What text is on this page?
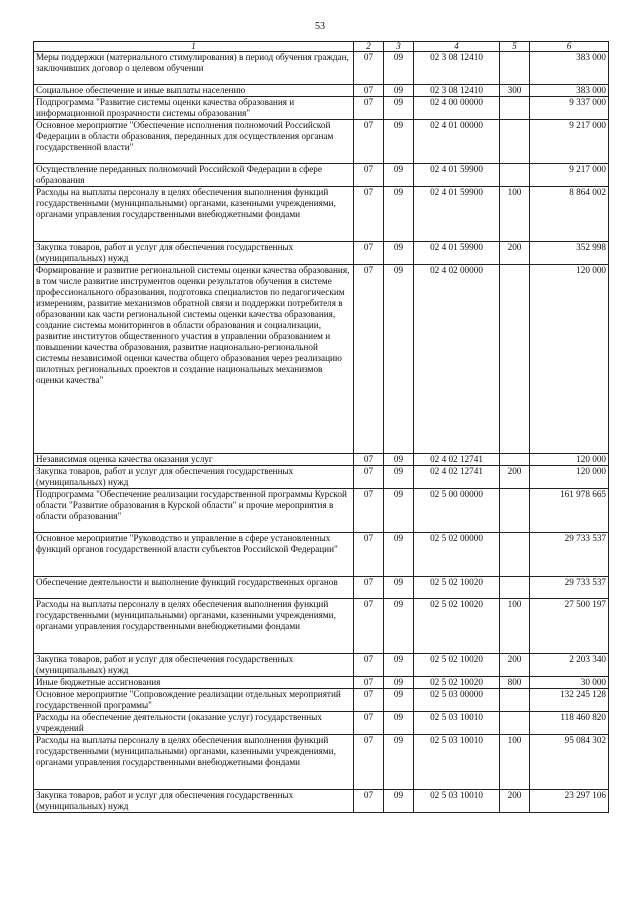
53
1	2	3	4	5	6
Меры поддержки (материального стимулирования) в период обучения граждан, заключивших договор о целевом обучении	07	09	02 3 08 12410		383 000
Социальное обеспечение и иные выплаты населению	07	09	02 3 08 12410	300	383 000
Подпрограмма "Развитие системы оценки качества образования и информационной прозрачности системы образования"	07	09	02 4 00 00000		9 337 000
Основное мероприятие "Обеспечение исполнения полномочий Российской Федерации в области образования, переданных для осуществления органам государственной власти"	07	09	02 4 01 00000		9 217 000
Осуществление переданных полномочий Российской Федерации в сфере образования	07	09	02 4 01 59900		9 217 000
Расходы на выплаты персоналу в целях обеспечения выполнения функций государственными (муниципальными) органами, казенными учреждениями, органами управления государственными внебюджетными фондами	07	09	02 4 01 59900	100	8 864 002
Закупка товаров, работ и услуг для обеспечения государственных (муниципальных) нужд	07	09	02 4 01 59900	200	352 998
Формирование и развитие региональной системы оценки качества образования, в том числе развитие инструментов оценки результатов обучения в системе профессионального образования, подготовка специалистов по педагогическим измерениям, развитие механизмов обратной связи и поддержки потребителя в образовании как части региональной системы оценки качества образования, создание системы мониторингов в области образования и социализации, развитие институтов общественного участия в управлении образованием и повышении качества образования, развитие национально-региональной системы независимой оценки качества общего образования через реализацию пилотных региональных проектов и создание национальных механизмов оценки качества"	07	09	02 4 02 00000		120 000
Независимая оценка качества оказания услуг	07	09	02 4 02 12741		120 000
Закупка товаров, работ и услуг для обеспечения государственных (муниципальных) нужд	07	09	02 4 02 12741	200	120 000
Подпрограмма "Обеспечение реализации государственной программы Курской области "Развитие образования в Курской области" и прочие мероприятия в области образования"	07	09	02 5 00 00000		161 978 665
Основное мероприятие "Руководство и управление в сфере установленных функций органов государственной власти субъектов Российской Федерации"	07	09	02 5 02 00000		29 733 537
Обеспечение деятельности и выполнение функций государственных органов	07	09	02 5 02 10020		29 733 537
Расходы на выплаты персоналу в целях обеспечения выполнения функций государственными (муниципальными) органами, казенными учреждениями, органами управления государственными внебюджетными фондами	07	09	02 5 02 10020	100	27 500 197
Закупка товаров, работ и услуг для обеспечения государственных (муниципальных) нужд	07	09	02 5 02 10020	200	2 203 340
Иные бюджетные ассигнования	07	09	02 5 02 10020	800	30 000
Основное мероприятие "Сопровождение реализации отдельных мероприятий государственной программы"	07	09	02 5 03 00000		132 245 128
Расходы на обеспечение деятельности (оказание услуг) государственных учреждений	07	09	02 5 03 10010		118 460 820
Расходы на выплаты персоналу в целях обеспечения выполнения функций государственными (муниципальными) органами, казенными учреждениями, органами управления государственными внебюджетными фондами	07	09	02 5 03 10010	100	95 084 302
Закупка товаров, работ и услуг для обеспечения государственных (муниципальных) нужд	07	09	02 5 03 10010	200	23 297 106
